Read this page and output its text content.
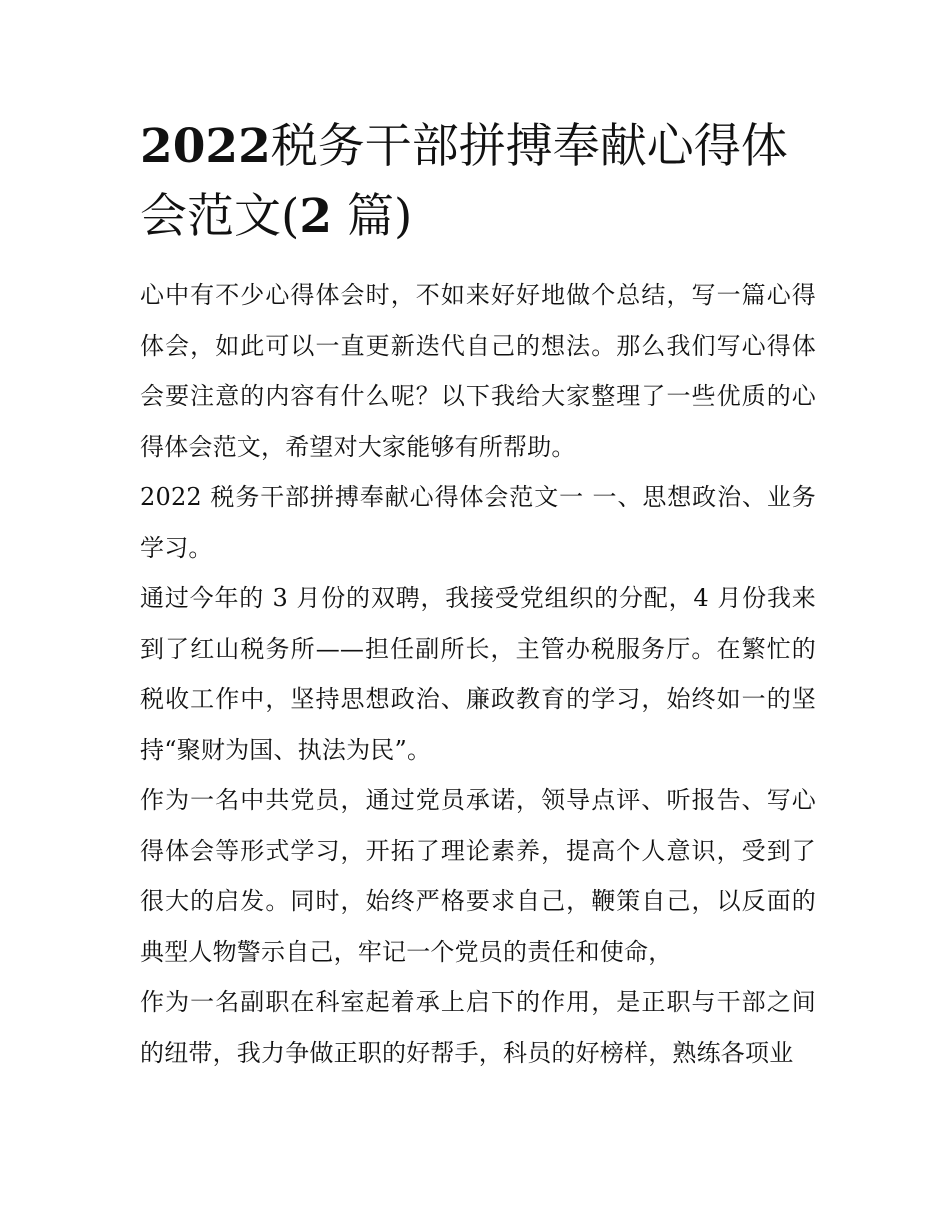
2022税务干部拼搏奉献心得体会范文(2 篇)

心中有不少心得体会时，不如来好好地做个总结，写一篇心得体会，如此可以一直更新迭代自己的想法。那么我们写心得体会要注意的内容有什么呢？以下我给大家整理了一些优质的心得体会范文，希望对大家能够有所帮助。

2022 税务干部拼搏奉献心得体会范文一 一、思想政治、业务学习。

通过今年的 3 月份的双聘，我接受党组织的分配，4 月份我来到了红山税务所——担任副所长，主管办税服务厅。在繁忙的税收工作中，坚持思想政治、廉政教育的学习，始终如一的坚持“聚财为国、执法为民”。

作为一名中共党员，通过党员承诺，领导点评、听报告、写心得体会等形式学习，开拓了理论素养，提高个人意识，受到了很大的启发。同时，始终严格要求自己，鞭策自己，以反面的典型人物警示自己，牢记一个党员的责任和使命，

作为一名副职在科室起着承上启下的作用，是正职与干部之间的纽带，我力争做正职的好帮手，科员的好榜样，熟练各项业
